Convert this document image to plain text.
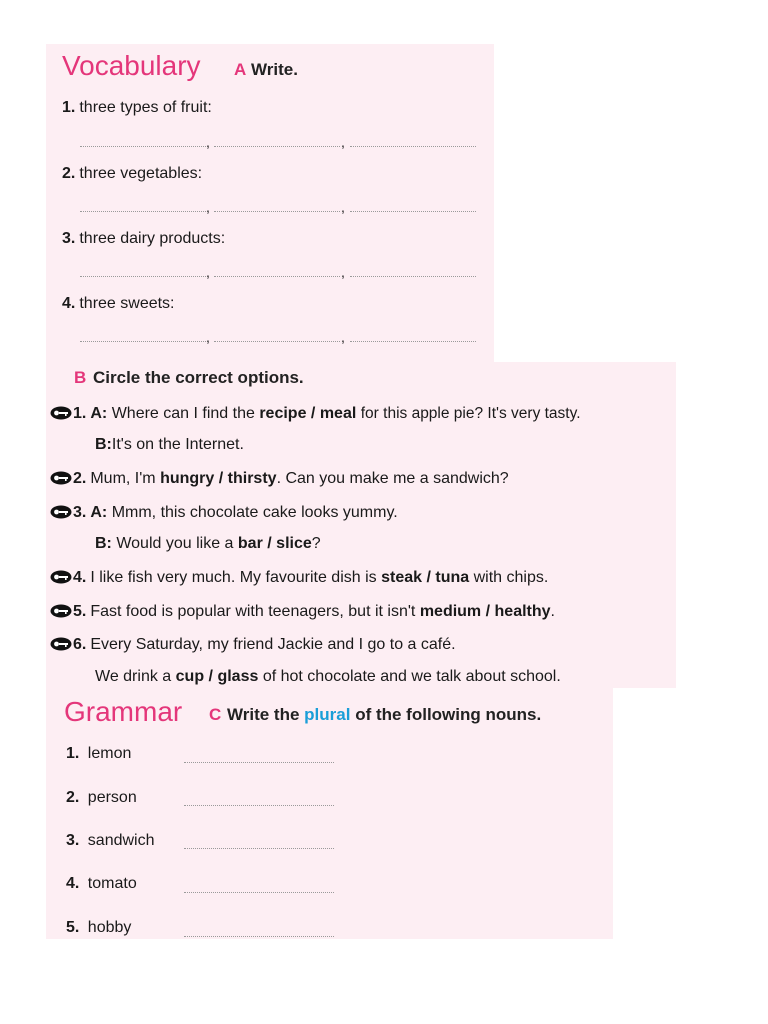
Vocabulary A Write.
1. three types of fruit:
2. three vegetables:
3. three dairy products:
4. three sweets:
,	,
,	,
,	,
,	,
B Circle the correct options.
1. A: Where can I find the recipe / meal for this apple pie? It's very tasty.
B:It's on the Internet.
2. Mum, I'm hungry / thirsty. Can you make me a sandwich?
3. A: Mmm, this chocolate cake looks yummy.
B: Would you like a bar / slice?
4. I like fish very much. My favourite dish is steak / tuna with chips.
5. Fast food is popular with teenagers, but it isn't medium / healthy.
6. Every Saturday, my friend Jackie and I go to a café.
We drink a cup / glass of hot chocolate and we talk about school.
Grammar C Write the plural of the following nouns.
1. lemon
2. person
3. sandwich
4. tomato
5. hobby
